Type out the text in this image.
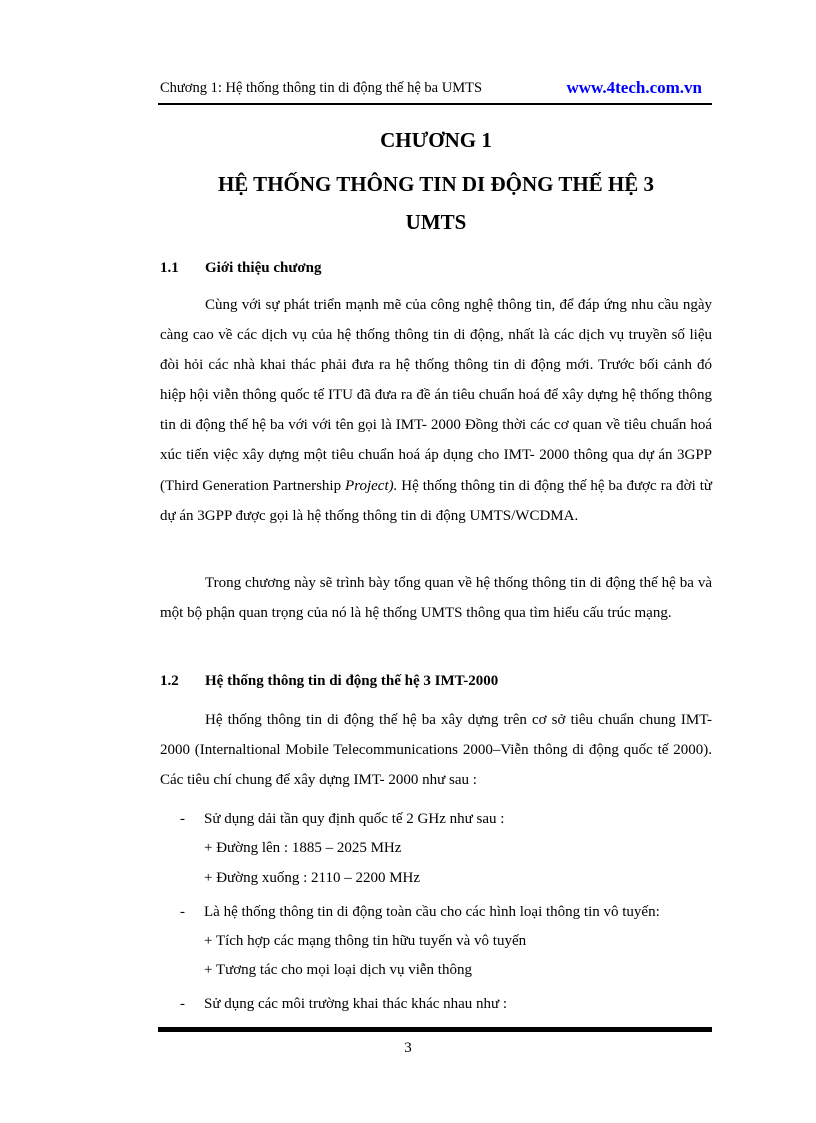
Chương 1: Hệ thống thông tin di động thế hệ ba UMTS	www.4tech.com.vn
CHƯƠNG 1
HỆ THỐNG THÔNG TIN DI ĐỘNG THẾ HỆ 3
UMTS
1.1 Giới thiệu chương

Cùng với sự phát triển mạnh mẽ của công nghệ thông tin, để đáp ứng nhu cầu ngày càng cao về các dịch vụ của hệ thống thông tin di động, nhất là các dịch vụ truyền số liệu đòi hỏi các nhà khai thác phải đưa ra hệ thống thông tin di động mới. Trước bối cảnh đó hiệp hội viễn thông quốc tế ITU đã đưa ra đề án tiêu chuẩn hoá để xây dựng hệ thống thông tin di động thế hệ ba với với tên gọi là IMT- 2000 Đồng thời các cơ quan về tiêu chuẩn hoá xúc tiến việc xây dựng một tiêu chuẩn hoá áp dụng cho IMT- 2000 thông qua dự án 3GPP (Third Generation Partnership Project). Hệ thống thông tin di động thế hệ ba được ra đời từ dự án 3GPP được gọi là hệ thống thông tin di động UMTS/WCDMA.

Trong chương này sẽ trình bày tổng quan về hệ thống thông tin di động thế hệ ba và một bộ phận quan trọng của nó là hệ thống UMTS thông qua tìm hiểu cấu trúc mạng.

1.2 Hệ thống thông tin di động thế hệ 3 IMT-2000

Hệ thống thông tin di động thế hệ ba xây dựng trên cơ sở tiêu chuẩn chung IMT- 2000 (Internaltional Mobile Telecommunications 2000–Viễn thông di động quốc tế 2000). Các tiêu chí chung để xây dựng IMT- 2000 như sau :

- Sử dụng dải tần quy định quốc tế 2 GHz như sau :
+ Đường lên : 1885 – 2025 MHz
+ Đường xuống : 2110 – 2200 MHz
- Là hệ thống thông tin di động toàn cầu cho các hình loại thông tin vô tuyến:
+ Tích hợp các mạng thông tin hữu tuyến và vô tuyến
+ Tương tác cho mọi loại dịch vụ viễn thông
- Sử dụng các môi trường khai thác khác nhau như :
3
